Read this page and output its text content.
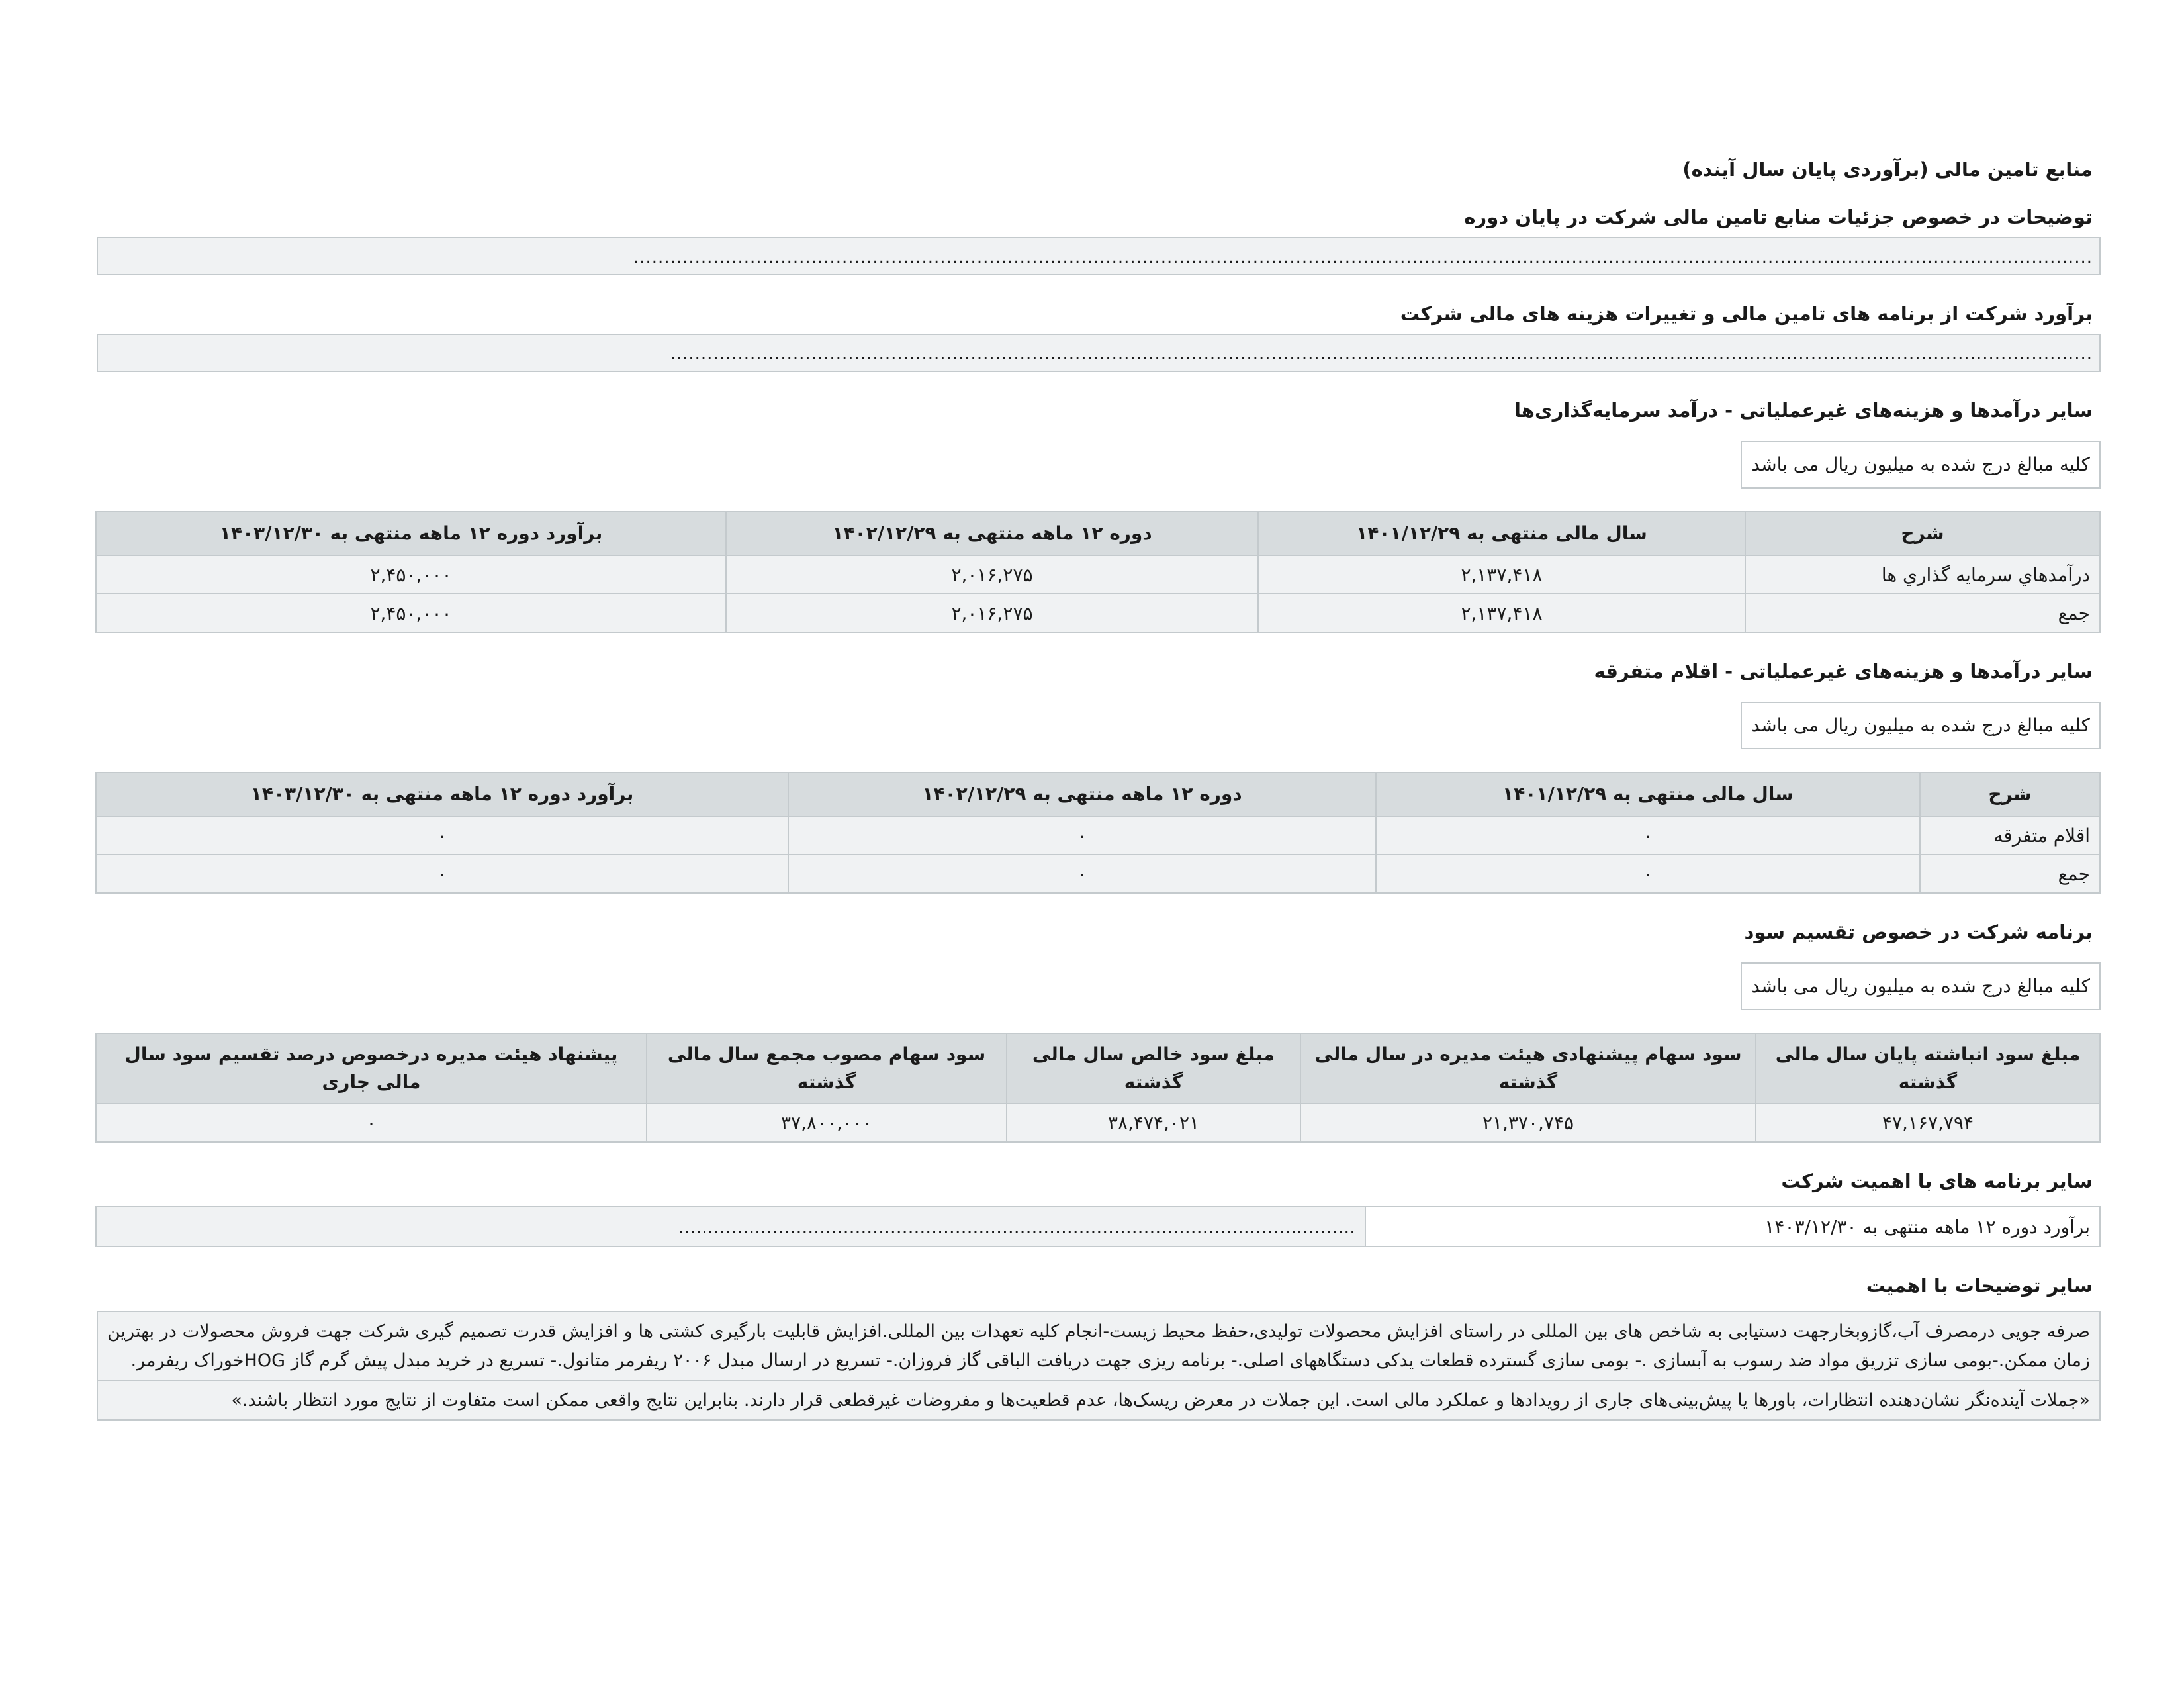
منابع تامین مالی (برآوردی پایان سال آینده)
توضیحات در خصوص جزئیات منابع تامین مالی شرکت در پایان دوره
..............................................................................................................................................................................................................................................
برآورد شرکت از برنامه های تامین مالی و تغییرات هزینه های مالی شرکت
........................................................................................................................................................................................................................................
سایر درآمدها و هزینه‌های غیرعملیاتی - درآمد سرمایه‌گذاری‌ها
کلیه مبالغ درج شده به میلیون ریال می باشد
شرح	سال مالی منتهی به ۱۴۰۱/۱۲/۲۹	دوره ۱۲ ماهه منتهی به ۱۴۰۲/۱۲/۲۹	برآورد دوره ۱۲ ماهه منتهی به ۱۴۰۳/۱۲/۳۰
درآمدهاي سرمايه گذاري ها	۲,۱۳۷,۴۱۸	۲,۰۱۶,۲۷۵	۲,۴۵۰,۰۰۰
جمع	۲,۱۳۷,۴۱۸	۲,۰۱۶,۲۷۵	۲,۴۵۰,۰۰۰
سایر درآمدها و هزینه‌های غیرعملیاتی - اقلام متفرقه
کلیه مبالغ درج شده به میلیون ریال می باشد
شرح	سال مالی منتهی به ۱۴۰۱/۱۲/۲۹	دوره ۱۲ ماهه منتهی به ۱۴۰۲/۱۲/۲۹	برآورد دوره ۱۲ ماهه منتهی به ۱۴۰۳/۱۲/۳۰
اقلام متفرقه	۰	۰	۰
جمع	۰	۰	۰
برنامه شرکت در خصوص تقسیم سود
کلیه مبالغ درج شده به میلیون ریال می باشد
مبلغ سود انباشته پایان سال مالی گذشته	سود سهام پیشنهادی هیئت مدیره در سال مالی گذشته	مبلغ سود خالص سال مالی گذشته	سود سهام مصوب مجمع سال مالی گذشته	پیشنهاد هیئت مدیره درخصوص درصد تقسیم سود سال مالی جاری
۴۷,۱۶۷,۷۹۴	۲۱,۳۷۰,۷۴۵	۳۸,۴۷۴,۰۲۱	۳۷,۸۰۰,۰۰۰	۰
سایر برنامه های با اهمیت شرکت
برآورد دوره ۱۲ ماهه منتهی به ۱۴۰۳/۱۲/۳۰	...................................................................................................................
سایر توضیحات با اهمیت
صرفه جویی درمصرف آب،گازوبخارجهت دستیابی به شاخص های بین المللی در راستای افزایش محصولات تولیدی،حفظ محیط زیست-انجام کلیه تعهدات بین المللی.افزایش قابلیت بارگیری کشتی ها و افزایش قدرت تصمیم گیری شرکت جهت فروش محصولات در بهترین زمان ممکن.-بومی سازی تزریق مواد ضد رسوب به آبسازی .- بومی سازی گسترده قطعات یدکی دستگاههای اصلی.- برنامه ریزی جهت دریافت الباقی گاز فروزان.- تسریع در ارسال مبدل ۲۰۰۶ ریفرمر متانول.- تسریع در خرید مبدل پیش گرم گاز HOGخوراک ریفرمر.
«جملات آینده‌نگر نشان‌دهنده انتظارات، باورها یا پیش‌بینی‌های جاری از رویدادها و عملکرد مالی است. این جملات در معرض ریسک‌ها، عدم قطعیت‌ها و مفروضات غیرقطعی قرار دارند. بنابراین نتایج واقعی ممکن است متفاوت از نتایج مورد انتظار باشند.»
